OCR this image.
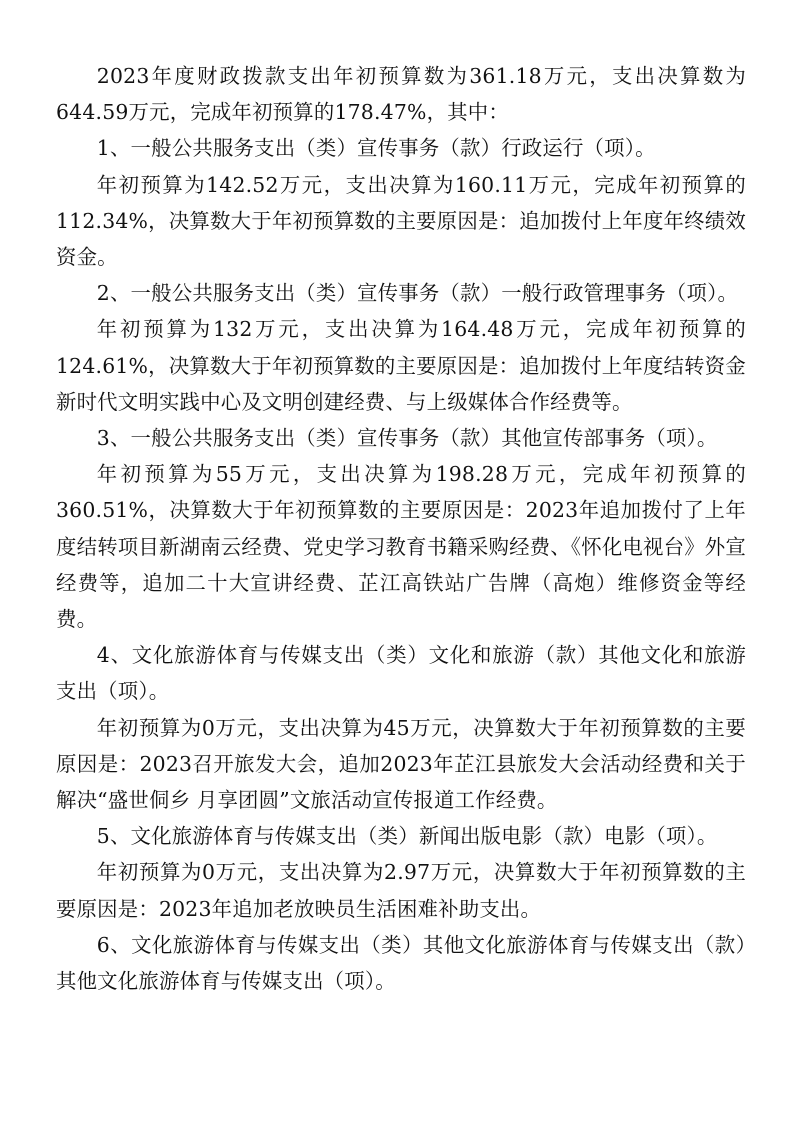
2023年度财政拨款支出年初预算数为361.18万元，支出决算数为644.59万元，完成年初预算的178.47%，其中：

1、一般公共服务支出（类）宣传事务（款）行政运行（项）。

年初预算为142.52万元，支出决算为160.11万元，完成年初预算的112.34%，决算数大于年初预算数的主要原因是：追加拨付上年度年终绩效资金。

2、一般公共服务支出（类）宣传事务（款）一般行政管理事务（项）。

年初预算为132万元，支出决算为164.48万元，完成年初预算的124.61%，决算数大于年初预算数的主要原因是：追加拨付上年度结转资金新时代文明实践中心及文明创建经费、与上级媒体合作经费等。

3、一般公共服务支出（类）宣传事务（款）其他宣传部事务（项）。

年初预算为55万元，支出决算为198.28万元，完成年初预算的360.51%，决算数大于年初预算数的主要原因是：2023年追加拨付了上年度结转项目新湖南云经费、党史学习教育书籍采购经费、《怀化电视台》外宣经费等，追加二十大宣讲经费、芷江高铁站广告牌（高炮）维修资金等经费。

4、文化旅游体育与传媒支出（类）文化和旅游（款）其他文化和旅游支出（项）。

年初预算为0万元，支出决算为45万元，决算数大于年初预算数的主要原因是：2023召开旅发大会，追加2023年芷江县旅发大会活动经费和关于解决“盛世侗乡 月享团圆”文旅活动宣传报道工作经费。

5、文化旅游体育与传媒支出（类）新闻出版电影（款）电影（项）。

年初预算为0万元，支出决算为2.97万元，决算数大于年初预算数的主要原因是：2023年追加老放映员生活困难补助支出。

6、文化旅游体育与传媒支出（类）其他文化旅游体育与传媒支出（款）其他文化旅游体育与传媒支出（项）。
